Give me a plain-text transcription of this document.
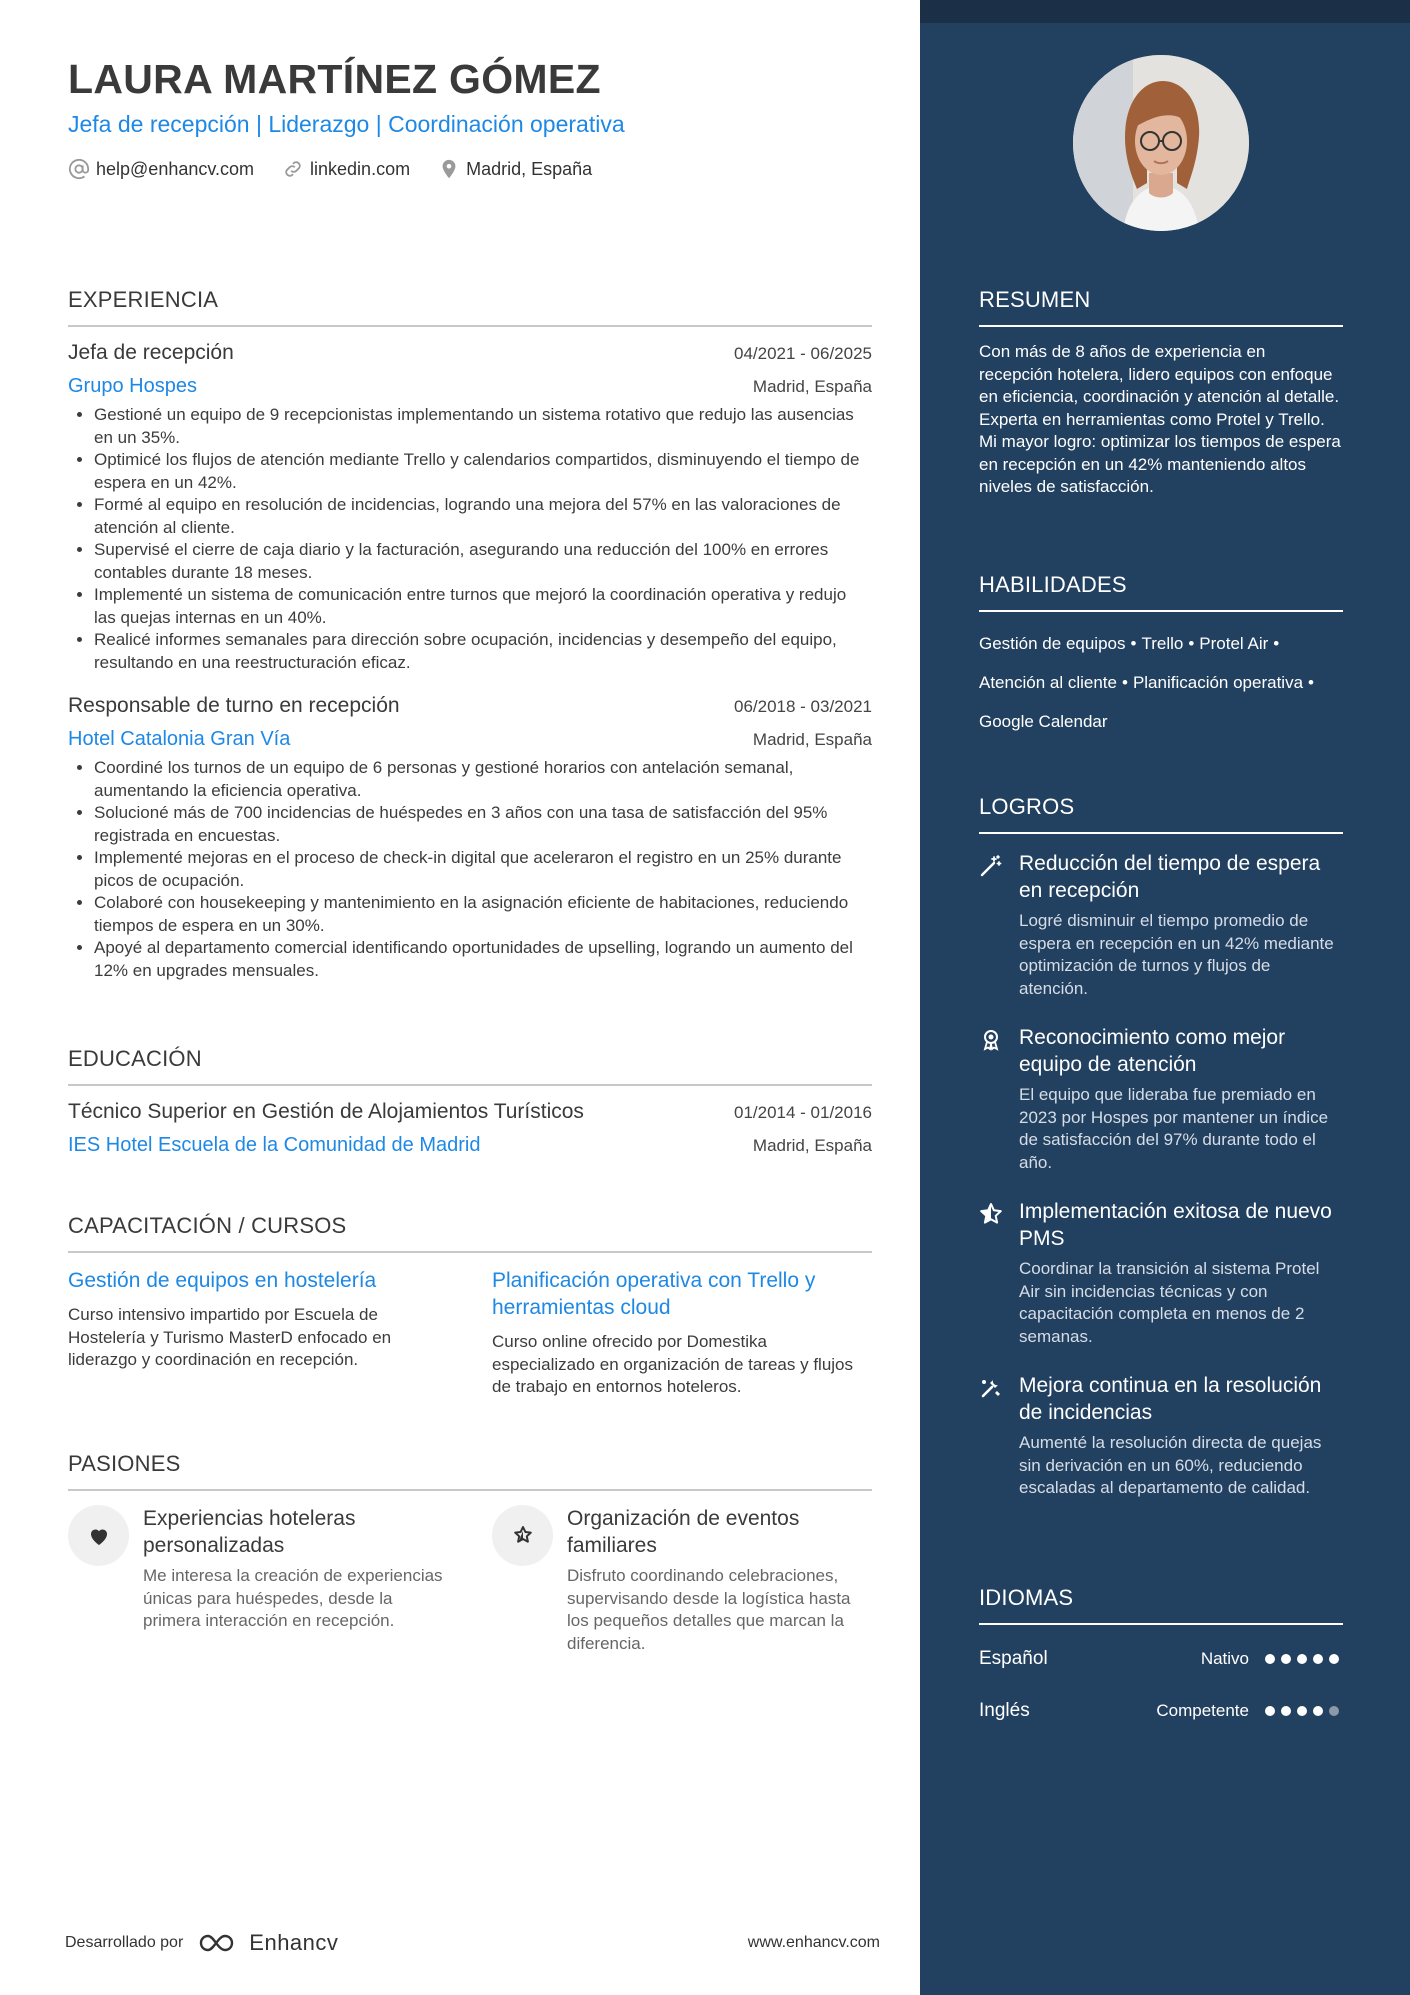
LAURA MARTÍNEZ GÓMEZ
Jefa de recepción | Liderazgo | Coordinación operativa
help@enhancv.com	linkedin.com	Madrid, España
EXPERIENCIA
Jefa de recepción	04/2021 - 06/2025
Grupo Hospes	Madrid, España
• Gestioné un equipo de 9 recepcionistas implementando un sistema rotativo que redujo las ausencias en un 35%.
• Optimicé los flujos de atención mediante Trello y calendarios compartidos, disminuyendo el tiempo de espera en un 42%.
• Formé al equipo en resolución de incidencias, logrando una mejora del 57% en las valoraciones de atención al cliente.
• Supervisé el cierre de caja diario y la facturación, asegurando una reducción del 100% en errores contables durante 18 meses.
• Implementé un sistema de comunicación entre turnos que mejoró la coordinación operativa y redujo las quejas internas en un 40%.
• Realicé informes semanales para dirección sobre ocupación, incidencias y desempeño del equipo, resultando en una reestructuración eficaz.
Responsable de turno en recepción	06/2018 - 03/2021
Hotel Catalonia Gran Vía	Madrid, España
• Coordiné los turnos de un equipo de 6 personas y gestioné horarios con antelación semanal, aumentando la eficiencia operativa.
• Solucioné más de 700 incidencias de huéspedes en 3 años con una tasa de satisfacción del 95% registrada en encuestas.
• Implementé mejoras en el proceso de check-in digital que aceleraron el registro en un 25% durante picos de ocupación.
• Colaboré con housekeeping y mantenimiento en la asignación eficiente de habitaciones, reduciendo tiempos de espera en un 30%.
• Apoyé al departamento comercial identificando oportunidades de upselling, logrando un aumento del 12% en upgrades mensuales.
EDUCACIÓN
Técnico Superior en Gestión de Alojamientos Turísticos	01/2014 - 01/2016
IES Hotel Escuela de la Comunidad de Madrid	Madrid, España
CAPACITACIÓN / CURSOS
Gestión de equipos en hostelería
Curso intensivo impartido por Escuela de Hostelería y Turismo MasterD enfocado en liderazgo y coordinación en recepción.
Planificación operativa con Trello y herramientas cloud
Curso online ofrecido por Domestika especializado en organización de tareas y flujos de trabajo en entornos hoteleros.
PASIONES
Experiencias hoteleras personalizadas
Me interesa la creación de experiencias únicas para huéspedes, desde la primera interacción en recepción.
Organización de eventos familiares
Disfruto coordinando celebraciones, supervisando desde la logística hasta los pequeños detalles que marcan la diferencia.
Desarrollado por	Enhancv	www.enhancv.com
RESUMEN
Con más de 8 años de experiencia en recepción hotelera, lidero equipos con enfoque en eficiencia, coordinación y atención al detalle. Experta en herramientas como Protel y Trello. Mi mayor logro: optimizar los tiempos de espera en recepción en un 42% manteniendo altos niveles de satisfacción.
HABILIDADES
Gestión de equipos • Trello • Protel Air •
Atención al cliente • Planificación operativa •
Google Calendar
LOGROS
Reducción del tiempo de espera en recepción
Logré disminuir el tiempo promedio de espera en recepción en un 42% mediante optimización de turnos y flujos de atención.
Reconocimiento como mejor equipo de atención
El equipo que lideraba fue premiado en 2023 por Hospes por mantener un índice de satisfacción del 97% durante todo el año.
Implementación exitosa de nuevo PMS
Coordinar la transición al sistema Protel Air sin incidencias técnicas y con capacitación completa en menos de 2 semanas.
Mejora continua en la resolución de incidencias
Aumenté la resolución directa de quejas sin derivación en un 60%, reduciendo escaladas al departamento de calidad.
IDIOMAS
Español	Nativo
Inglés	Competente
